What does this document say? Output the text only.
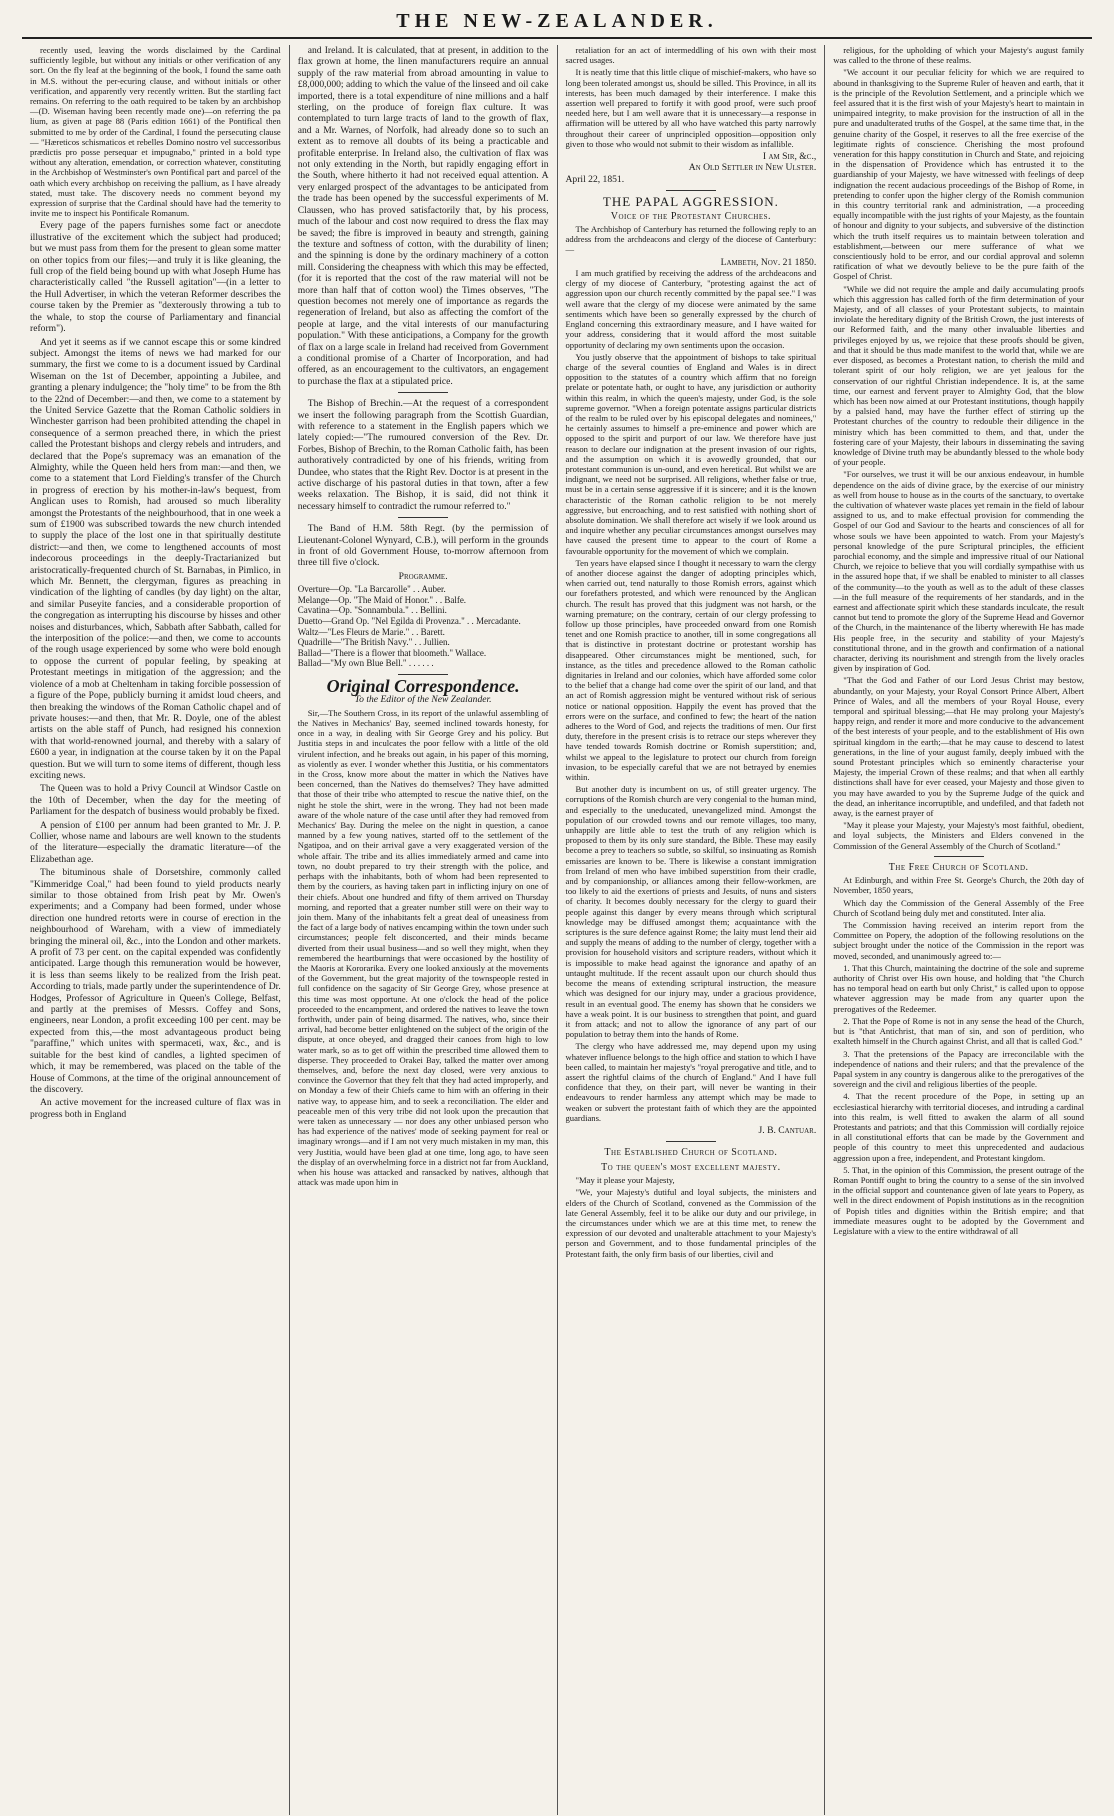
THE NEW-ZEALANDER.

recently used, leaving the words disclaimed by the Cardinal sufficiently legible, but without any initials or other verification of any sort. On the fly leaf at the beginning of the book, I found the same oath in M.S. without the per-ecuring clause, and without initials or other verification, and apparently very recently written. But the startling fact remains. On referring to the oath required to be taken by an archbishop—(D. Wiseman having been recently made one)—on referring the pa lium, as given at page 88 (Paris edition 1661) of the Pontifical then submitted to me by order of the Cardinal, I found the persecuting clause— "Hæreticos schismaticos et rebelles Domino nostro vel successoribus prædictis pro posse persequar et impugnabo," printed in a bold type without any alteration, emendation, or correction whatever, constituting in the Archbishop of Westminster's own Pontifical part and parcel of the oath which every archbishop on receiving the pallium, as I have already stated, must take. The discovery needs no comment beyond my expression of surprise that the Cardinal should have had the temerity to invite me to inspect his Pontificale Romanum.

Every page of the papers furnishes some fact or anecdote illustrative of the excitement which the subject had produced; but we must pass from them for the present to glean some matter on other topics from our files;—and truly it is like gleaning, the full crop of the field being bound up with what Joseph Hume has characteristically called "the Russell agitation"—(in a letter to the Hull Advertiser, in which the veteran Reformer describes the course taken by the Premier as "dexterously throwing a tub to the whale, to stop the course of Parliamentary and financial reform").

And yet it seems as if we cannot escape this or some kindred subject. Amongst the items of news we had marked for our summary, the first we come to is a document issued by Cardinal Wiseman on the 1st of December, appointing a Jubilee, and granting a plenary indulgence; the "holy time" to be from the 8th to the 22nd of December:—and then, we come to a statement by the United Service Gazette that the Roman Catholic soldiers in Winchester garrison had been prohibited attending the chapel in consequence of a sermon preached there, in which the priest called the Protestant bishops and clergy rebels and intruders, and declared that the Pope's supremacy was an emanation of the Almighty, while the Queen held hers from man:—and then, we come to a statement that Lord Fielding's transfer of the Church in progress of erection by his mother-in-law's bequest, from Anglican uses to Romish, had aroused so much liberality amongst the Protestants of the neighbourhood, that in one week a sum of £1900 was subscribed towards the new church intended to supply the place of the lost one in that spiritually destitute district:—and then, we come to lengthened accounts of most indecorous proceedings in the deeply-Tractarianized but aristocratically-frequented church of St. Barnabas, in Pimlico, in which Mr. Bennett, the clergyman, figures as preaching in vindication of the lighting of candles (by day light) on the altar, and similar Puseyite fancies, and a considerable proportion of the congregation as interrupting his discourse by hisses and other noises and disturbances, which, Sabbath after Sabbath, called for the interposition of the police:—and then, we come to accounts of the rough usage experienced by some who were bold enough to oppose the current of popular feeling, by speaking at Protestant meetings in mitigation of the aggression; and the violence of a mob at Cheltenham in taking forcible possession of a figure of the Pope, publicly burning it amidst loud cheers, and then breaking the windows of the Roman Catholic chapel and of private houses:—and then, that Mr. R. Doyle, one of the ablest artists on the able staff of Punch, had resigned his connexion with that world-renowned journal, and thereby with a salary of £600 a year, in indignation at the course taken by it on the Papal question. But we will turn to some items of different, though less exciting news.

The Queen was to hold a Privy Council at Windsor Castle on the 10th of December, when the day for the meeting of Parliament for the despatch of business would probably be fixed.

A pension of £100 per annum had been granted to Mr. J. P. Collier, whose name and labours are well known to the students of the literature—especially the dramatic literature—of the Elizabethan age.

The bituminous shale of Dorsetshire, commonly called "Kimmeridge Coal," had been found to yield products nearly similar to those obtained from Irish peat by Mr. Owen's experiments; and a Company had been formed, under whose direction one hundred retorts were in course of erection in the neighbourhood of Wareham, with a view of immediately bringing the mineral oil, &c., into the London and other markets. A profit of 73 per cent. on the capital expended was confidently anticipated. Large though this remuneration would be however, it is less than seems likely to be realized from the Irish peat. According to trials, made partly under the superintendence of Dr. Hodges, Professor of Agriculture in Queen's College, Belfast, and partly at the premises of Messrs. Coffey and Sons, engineers, near London, a profit exceeding 100 per cent. may be expected from this,—the most advantageous product being "paraffine," which unites with spermaceti, wax, &c., and is suitable for the best kind of candles, a lighted specimen of which, it may be remembered, was placed on the table of the House of Commons, at the time of the original announcement of the discovery.

An active movement for the increased culture of flax was in progress both in England

and Ireland. It is calculated, that at present, in addition to the flax grown at home, the linen manufacturers require an annual supply of the raw material from abroad amounting in value to £8,000,000; adding to which the value of the linseed and oil cake imported, there is a total expenditure of nine millions and a half sterling, on the produce of foreign flax culture. It was contemplated to turn large tracts of land to the growth of flax, and a Mr. Warnes, of Norfolk, had already done so to such an extent as to remove all doubts of its being a practicable and profitable enterprise. In Ireland also, the cultivation of flax was not only extending in the North, but rapidly engaging effort in the South, where hitherto it had not received equal attention. A very enlarged prospect of the advantages to be anticipated from the trade has been opened by the successful experiments of M. Claussen, who has proved satisfactorily that, by his process, much of the labour and cost now required to dress the flax may be saved; the fibre is improved in beauty and strength, gaining the texture and softness of cotton, with the durability of linen; and the spinning is done by the ordinary machinery of a cotton mill. Considering the cheapness with which this may be effected, (for it is reported that the cost of the raw material will not be more than half that of cotton wool) the Times observes, "The question becomes not merely one of importance as regards the regeneration of Ireland, but also as affecting the comfort of the people at large, and the vital interests of our manufacturing population." With these anticipations, a Company for the growth of flax on a large scale in Ireland had received from Government a conditional promise of a Charter of Incorporation, and had offered, as an encouragement to the cultivators, an engagement to purchase the flax at a stipulated price.

The Bishop of Brechin.—At the request of a correspondent we insert the following paragraph from the Scottish Guardian, with reference to a statement in the English papers which we lately copied:—"The rumoured conversion of the Rev. Dr. Forbes, Bishop of Brechin, to the Roman Catholic faith, has been authoratively contradicted by one of his friends, writing from Dundee, who states that the Right Rev. Doctor is at present in the active discharge of his pastoral duties in that town, after a few weeks relaxation. The Bishop, it is said, did not think it necessary himself to contradict the rumour referred to."

The Band of H.M. 58th Regt. (by the permission of Lieutenant-Colonel Wynyard, C.B.), will perform in the grounds in front of old Government House, to-morrow afternoon from three till five o'clock.

Programme.
Overture—Op. "La Barcarolle" . . Auber.
Melange—Op. "The Maid of Honor." . . Balfe.
Cavatina—Op. "Sonnambula." . . Bellini.
Duetto—Grand Op. "Nel Egilda di Provenza." . . Mercadante.
Waltz—"Les Fleurs de Marie." . . Barett.
Quadrille—"The British Navy." . . Jullien.
Ballad—"There is a flower that bloometh." Wallace.
Ballad—"My own Blue Bell." . . . . . .
Original Correspondence.
To the Editor of the New Zealander.

Sir,—The Southern Cross, in its report of the unlawful assembling of the Natives in Mechanics' Bay, seemed inclined towards honesty, for once in a way, in dealing with Sir George Grey and his policy. But Justitia steps in and inculcates the poor fellow with a little of the old virulent infection, and he breaks out again, in his paper of this morning, as violently as ever. I wonder whether this Justitia, or his commentators in the Cross, know more about the matter in which the Natives have been concerned, than the Natives do themselves? They have admitted that those of their tribe who attempted to rescue the native thief, on the night he stole the shirt, were in the wrong. They had not been made aware of the whole nature of the case until after they had removed from Mechanics' Bay. During the melee on the night in question, a canoe manned by a few young natives, started off to the settlement of the Ngatipoa, and on their arrival gave a very exaggerated version of the whole affair. The tribe and its allies immediately armed and came into town, no doubt prepared to try their strength with the police, and perhaps with the inhabitants, both of whom had been represented to them by the couriers, as having taken part in inflicting injury on one of their chiefs. About one hundred and fifty of them arrived on Thursday morning, and reported that a greater number still were on their way to join them. Many of the inhabitants felt a great deal of uneasiness from the fact of a large body of natives encamping within the town under such circumstances; people felt disconcerted, and their minds became diverted from their usual business—and so well they might, when they remembered the heartburnings that were occasioned by the hostility of the Maoris at Kororarika. Every one looked anxiously at the movements of the Government, but the great majority of the townspeople rested in full confidence on the sagacity of Sir George Grey, whose presence at this time was most opportune. At one o'clock the head of the police proceeded to the encampment, and ordered the natives to leave the town forthwith, under pain of being disarmed. The natives, who, since their arrival, had become better enlightened on the subject of the origin of the dispute, at once obeyed, and dragged their canoes from high to low water mark, so as to get off within the prescribed time allowed them to disperse. They proceeded to Orakei Bay, talked the matter over among themselves, and, before the next day closed, were very anxious to convince the Governor that they felt that they had acted improperly, and on Monday a few of their Chiefs came to him with an offering in their native way, to appease him, and to seek a reconciliation. The elder and peaceable men of this very tribe did not look upon the precaution that were taken as unnecessary — nor does any other unbiased person who has had experience of the natives' mode of seeking payment for real or imaginary wrongs—and if I am not very much mistaken in my man, this very Justitia, would have been glad at one time, long ago, to have seen the display of an overwhelming force in a district not far from Auckland, when his house was attacked and ransacked by natives, although that attack was made upon him in

retaliation for an act of intermeddling of his own with their most sacred usages.

It is neatly time that this little clique of mischief-makers, who have so long been tolerated amongst us, should be silled. This Province, in all its interests, has been much damaged by their interference. I make this assertion well prepared to fortify it with good proof, were such proof needed here, but I am well aware that it is unnecessary—a response in affirmation will be uttered by all who have watched this party narrowly throughout their career of unprincipled opposition—opposition only given to those who would not submit to their wisdom as infallible.

I am Sir, &c.,
An Old Settler in New Ulster.
April 22, 1851.
THE PAPAL AGGRESSION.
Voice of the Protestant Churches.

The Archbishop of Canterbury has returned the following reply to an address from the archdeacons and clergy of the diocese of Canterbury:—

Lambeth, Nov. 21 1850.

I am much gratified by receiving the address of the archdeacons and clergy of my diocese of Canterbury, "protesting against the act of aggression upon our church recently committed by the papal see." I was well aware that the clergy of my diocese were animated by the same sentiments which have been so generally expressed by the church of England concerning this extraordinary measure, and I have waited for your address, considering that it would afford the most suitable opportunity of declaring my own sentiments upon the occasion.

You justly observe that the appointment of bishops to take spiritual charge of the several counties of England and Wales is in direct opposition to the statutes of a country which affirm that no foreign prelate or potentate hath, or ought to have, any jurisdiction or authority within this realm, in which the queen's majesty, under God, is the sole supreme governor. "When a foreign potentate assigns particular districts of the realm to be ruled over by his episcopal delegates and nominees," he certainly assumes to himself a pre-eminence and power which are opposed to the spirit and purport of our law. We therefore have just reason to declare our indignation at the present invasion of our rights, and the assumption on which it is avowedly grounded, that our protestant communion is un-ound, and even heretical. But whilst we are indignant, we need not be surprised. All religions, whether false or true, must be in a certain sense aggressive if it is sincere; and it is the known characteristic of the Roman catholic religion to be not merely aggressive, but encroaching, and to rest satisfied with nothing short of absolute domination. We shall therefore act wisely if we look around us and inquire whether any peculiar circumstances amongst ourselves may have caused the present time to appear to the court of Rome a favourable opportunity for the movement of which we complain.

Ten years have elapsed since I thought it necessary to warn the clergy of another diocese against the danger of adopting principles which, when carried out, tend naturally to those Romish errors, against which our forefathers protested, and which were renounced by the Anglican church. The result has proved that this judgment was not harsh, or the warning premature; on the contrary, certain of our clergy professing to follow up those principles, have proceeded onward from one Romish tenet and one Romish practice to another, till in some congregations all that is distinctive in protestant doctrine or protestant worship has disappeared. Other circumstances might be mentioned, such, for instance, as the titles and precedence allowed to the Roman catholic dignitaries in Ireland and our colonies, which have afforded some color to the belief that a change had come over the spirit of our land, and that an act of Romish aggression might be ventured without risk of serious notice or national opposition. Happily the event has proved that the errors were on the surface, and confined to few; the heart of the nation adheres to the Word of God, and rejects the traditions of men. Our first duty, therefore in the present crisis is to retrace our steps wherever they have tended towards Romish doctrine or Romish superstition; and, whilst we appeal to the legislature to protect our church from foreign invasion, to be especially careful that we are not betrayed by enemies within.

But another duty is incumbent on us, of still greater urgency. The corruptions of the Romish church are very congenial to the human mind, and especially to the uneducated, unevangelized mind. Amongst the population of our crowded towns and our remote villages, too many, unhappily are little able to test the truth of any religion which is proposed to them by its only sure standard, the Bible. These may easily become a prey to teachers so subtle, so skilful, so insinuating as Romish emissaries are known to be. There is likewise a constant immigration from Ireland of men who have imbibed superstition from their cradle, and by companionship, or alliances among their fellow-workmen, are too likely to aid the exertions of priests and Jesuits, of nuns and sisters of charity. It becomes doubly necessary for the clergy to guard their people against this danger by every means through which scriptural knowledge may be diffused amongst them; acquaintance with the scriptures is the sure defence against Rome; the laity must lend their aid and supply the means of adding to the number of clergy, together with a provision for household visitors and scripture readers, without which it is impossible to make head against the ignorance and apathy of an untaught multitude. If the recent assault upon our church should thus become the means of extending scriptural instruction, the measure which was designed for our injury may, under a gracious providence, result in an eventual good. The enemy has shown that he considers we have a weak point. It is our business to strengthen that point, and guard it from attack; and not to allow the ignorance of any part of our population to betray them into the hands of Rome.

The clergy who have addressed me, may depend upon my using whatever influence belongs to the high office and station to which I have been called, to maintain her majesty's "royal prerogative and title, and to assert the rightful claims of the church of England." And I have full confidence that they, on their part, will never be wanting in their endeavours to render harmless any attempt which may be made to weaken or subvert the protestant faith of which they are the appointed guardians.

J. B. Cantuar.
The Established Church of Scotland.
To the queen's most excellent majesty.

"May it please your Majesty,

"We, your Majesty's dutiful and loyal subjects, the ministers and elders of the Church of Scotland, convened as the Commission of the late General Assembly, feel it to be alike our duty and our privilege, in the circumstances under which we are at this time met, to renew the expression of our devoted and unalterable attachment to your Majesty's person and Government, and to those fundamental principles of the Protestant faith, the only firm basis of our liberties, civil and

religious, for the upholding of which your Majesty's august family was called to the throne of these realms.

"We account it our peculiar felicity for which we are required to abound in thanksgiving to the Supreme Ruler of heaven and earth, that it is the principle of the Revolution Settlement, and a principle which we feel assured that it is the first wish of your Majesty's heart to maintain in unimpaired integrity, to make provision for the instruction of all in the pure and unadulterated truths of the Gospel, at the same time that, in the genuine charity of the Gospel, it reserves to all the free exercise of the legitimate rights of conscience. Cherishing the most profound veneration for this happy constitution in Church and State, and rejoicing in the dispensation of Providence which has entrusted it to the guardianship of your Majesty, we have witnessed with feelings of deep indignation the recent audacious proceedings of the Bishop of Rome, in pretending to confer upon the higher clergy of the Romish communion in this country territorial rank and administration, —a proceeding equally incompatible with the just rights of your Majesty, as the fountain of honour and dignity to your subjects, and subversive of the distinction which the truth itself requires us to maintain between toleration and establishment,—between our mere sufferance of what we conscientiously hold to be error, and our cordial approval and solemn ratification of what we devoutly believe to be the pure faith of the Gospel of Christ.

"While we did not require the ample and daily accumulating proofs which this aggression has called forth of the firm determination of your Majesty, and of all classes of your Protestant subjects, to maintain inviolate the hereditary dignity of the British Crown, the just interests of our Reformed faith, and the many other invaluable liberties and privileges enjoyed by us, we rejoice that these proofs should be given, and that it should be thus made manifest to the world that, while we are ever disposed, as becomes a Protestant nation, to cherish the mild and tolerant spirit of our holy religion, we are yet jealous for the conservation of our rightful Christian independence. It is, at the same time, our earnest and fervent prayer to Almighty God, that the blow which has been now aimed at our Protestant institutions, though happily by a palsied hand, may have the further effect of stirring up the Protestant churches of the country to redouble their diligence in the ministry which has been committed to them, and that, under the fostering care of your Majesty, their labours in disseminating the saving knowledge of Divine truth may be abundantly blessed to the whole body of your people.

"For ourselves, we trust it will be our anxious endeavour, in humble dependence on the aids of divine grace, by the exercise of our ministry as well from house to house as in the courts of the sanctuary, to overtake the cultivation of whatever waste places yet remain in the field of labour assigned to us, and to make effectual provision for commending the Gospel of our God and Saviour to the hearts and consciences of all for whose souls we have been appointed to watch. From your Majesty's personal knowledge of the pure Scriptural principles, the efficient parochial economy, and the simple and impressive ritual of our National Church, we rejoice to believe that you will cordially sympathise with us in the assured hope that, if we shall be enabled to minister to all classes of the community—to the youth as well as to the adult of these classes—in the full measure of the requirements of her standards, and in the earnest and affectionate spirit which these standards inculcate, the result cannot but tend to promote the glory of the Supreme Head and Governor of the Church, in the maintenance of the liberty wherewith He has made His people free, in the security and stability of your Majesty's constitutional throne, and in the growth and confirmation of a national character, deriving its nourishment and strength from the lively oracles given by inspiration of God.

"That the God and Father of our Lord Jesus Christ may bestow, abundantly, on your Majesty, your Royal Consort Prince Albert, Albert Prince of Wales, and all the members of your Royal House, every temporal and spiritual blessing;—that He may prolong your Majesty's happy reign, and render it more and more conducive to the advancement of the best interests of your people, and to the establishment of His own spiritual kingdom in the earth;—that he may cause to descend to latest generations, in the line of your august family, deeply imbued with the sound Protestant principles which so eminently characterise your Majesty, the imperial Crown of these realms; and that when all earthly distinctions shall have for ever ceased, your Majesty and those given to you may have awarded to you by the Supreme Judge of the quick and the dead, an inheritance incorruptible, and undefiled, and that fadeth not away, is the earnest prayer of

"May it please your Majesty, your Majesty's most faithful, obedient, and loyal subjects, the Ministers and Elders convened in the Commission of the General Assembly of the Church of Scotland."

The Free Church of Scotland.

At Edinburgh, and within Free St. George's Church, the 20th day of November, 1850 years,

Which day the Commission of the General Assembly of the Free Church of Scotland being duly met and constituted. Inter alia.

The Commission having received an interim report from the Committee on Popery, the adoption of the following resolutions on the subject brought under the notice of the Commission in the report was moved, seconded, and unanimously agreed to:—

1. That this Church, maintaining the doctrine of the sole and supreme authority of Christ over His own house, and holding that "the Church has no temporal head on earth but only Christ," is called upon to oppose whatever aggression may be made from any quarter upon the prerogatives of the Redeemer.

2. That the Pope of Rome is not in any sense the head of the Church, but is "that Antichrist, that man of sin, and son of perdition, who exalteth himself in the Church against Christ, and all that is called God."

3. That the pretensions of the Papacy are irreconcilable with the independence of nations and their rulers; and that the prevalence of the Papal system in any country is dangerous alike to the prerogatives of the sovereign and the civil and religious liberties of the people.

4. That the recent procedure of the Pope, in setting up an ecclesiastical hierarchy with territorial dioceses, and intruding a cardinal into this realm, is well fitted to awaken the alarm of all sound Protestants and patriots; and that this Commission will cordially rejoice in all constitutional efforts that can be made by the Government and people of this country to meet this unprecedented and audacious aggression upon a free, independent, and Protestant kingdom.

5. That, in the opinion of this Commission, the present outrage of the Roman Pontiff ought to bring the country to a sense of the sin involved in the official support and countenance given of late years to Popery, as well in the direct endowment of Popish institutions as in the recognition of Popish titles and dignities within the British empire; and that immediate measures ought to be adopted by the Government and Legislature with a view to the entire withdrawal of all
